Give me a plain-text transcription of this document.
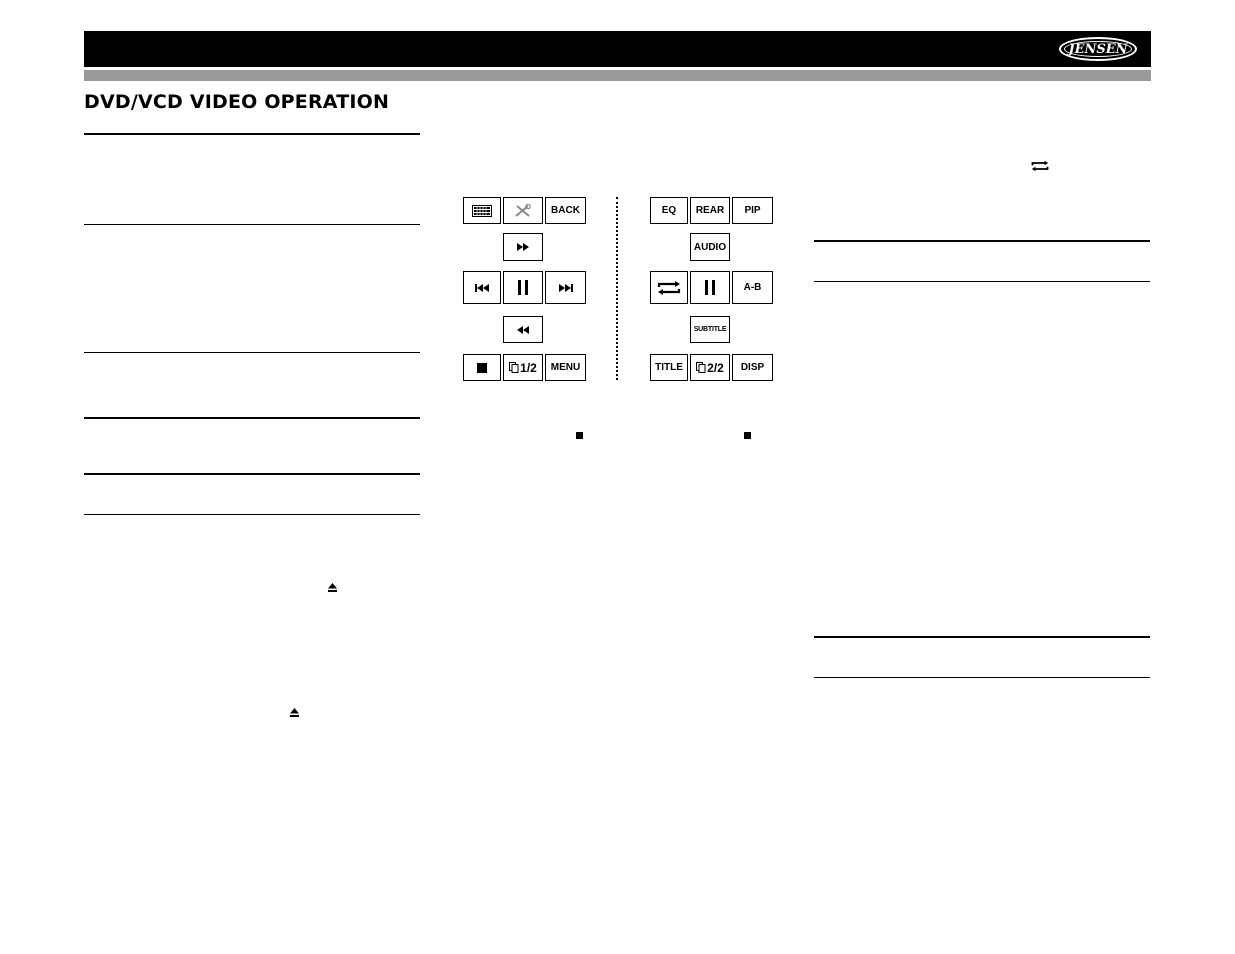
JENSEN
DVD/VCD VIDEO OPERATION
BACK
1/2 MENU
EQ REAR PIP
AUDIO
A-B
SUBTITLE
TITLE 2/2 DISP
